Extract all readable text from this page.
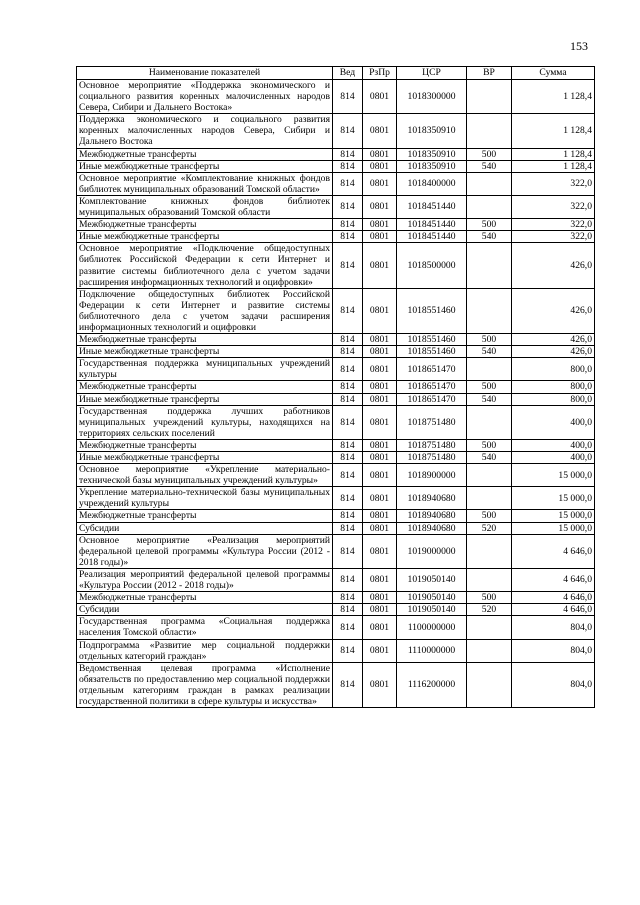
153
Наименование показателей	Вед	РзПр	ЦСР	ВР	Сумма
Основное мероприятие «Поддержка экономического и социального развития коренных малочисленных народов Севера, Сибири и Дальнего Востока»	814	0801	1018300000		1 128,4
Поддержка экономического и социального развития коренных малочисленных народов Севера, Сибири и Дальнего Востока	814	0801	1018350910		1 128,4
Межбюджетные трансферты	814	0801	1018350910	500	1 128,4
Иные межбюджетные трансферты	814	0801	1018350910	540	1 128,4
Основное мероприятие «Комплектование книжных фондов библиотек муниципальных образований Томской области»	814	0801	1018400000		322,0
Комплектование книжных фондов библиотек муниципальных образований Томской области	814	0801	1018451440		322,0
Межбюджетные трансферты	814	0801	1018451440	500	322,0
Иные межбюджетные трансферты	814	0801	1018451440	540	322,0
Основное мероприятие «Подключение общедоступных библиотек Российской Федерации к сети Интернет и развитие системы библиотечного дела с учетом задачи расширения информационных технологий и оцифровки»	814	0801	1018500000		426,0
Подключение общедоступных библиотек Российской Федерации к сети Интернет и развитие системы библиотечного дела с учетом задачи расширения информационных технологий и оцифровки	814	0801	1018551460		426,0
Межбюджетные трансферты	814	0801	1018551460	500	426,0
Иные межбюджетные трансферты	814	0801	1018551460	540	426,0
Государственная поддержка муниципальных учреждений культуры	814	0801	1018651470		800,0
Межбюджетные трансферты	814	0801	1018651470	500	800,0
Иные межбюджетные трансферты	814	0801	1018651470	540	800,0
Государственная поддержка лучших работников муниципальных учреждений культуры, находящихся на территориях сельских поселений	814	0801	1018751480		400,0
Межбюджетные трансферты	814	0801	1018751480	500	400,0
Иные межбюджетные трансферты	814	0801	1018751480	540	400,0
Основное мероприятие «Укрепление материально-технической базы муниципальных учреждений культуры»	814	0801	1018900000		15 000,0
Укрепление материально-технической базы муниципальных учреждений культуры	814	0801	1018940680		15 000,0
Межбюджетные трансферты	814	0801	1018940680	500	15 000,0
Субсидии	814	0801	1018940680	520	15 000,0
Основное мероприятие «Реализация мероприятий федеральной целевой программы «Культура России (2012 - 2018 годы)»	814	0801	1019000000		4 646,0
Реализация мероприятий федеральной целевой программы «Культура России (2012 - 2018 годы)»	814	0801	1019050140		4 646,0
Межбюджетные трансферты	814	0801	1019050140	500	4 646,0
Субсидии	814	0801	1019050140	520	4 646,0
Государственная программа «Социальная поддержка населения Томской области»	814	0801	1100000000		804,0
Подпрограмма «Развитие мер социальной поддержки отдельных категорий граждан»	814	0801	1110000000		804,0
Ведомственная целевая программа «Исполнение обязательств по предоставлению мер социальной поддержки отдельным категориям граждан в рамках реализации государственной политики в сфере культуры и искусства»	814	0801	1116200000		804,0
